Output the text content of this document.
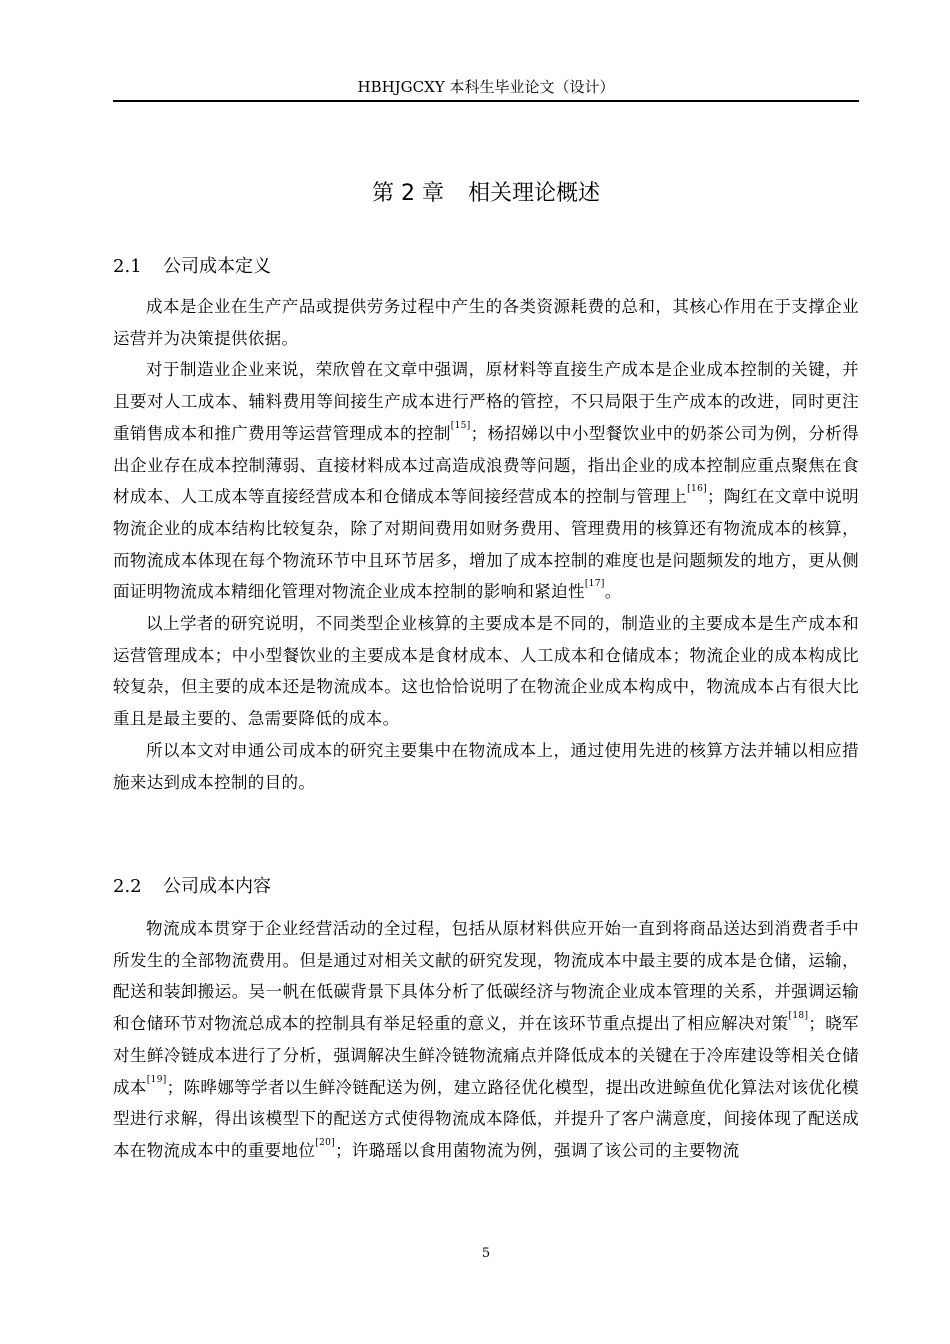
HBHJGCXY 本科生毕业论文（设计）
第 2 章 相关理论概述
2.1 公司成本定义

成本是企业在生产产品或提供劳务过程中产生的各类资源耗费的总和，其核心作用在于支撑企业运营并为决策提供依据。

对于制造业企业来说，荣欣曾在文章中强调，原材料等直接生产成本是企业成本控制的关键，并且要对人工成本、辅料费用等间接生产成本进行严格的管控，不只局限于生产成本的改进，同时更注重销售成本和推广费用等运营管理成本的控制[15]；杨招娣以中小型餐饮业中的奶茶公司为例，分析得出企业存在成本控制薄弱、直接材料成本过高造成浪费等问题，指出企业的成本控制应重点聚焦在食材成本、人工成本等直接经营成本和仓储成本等间接经营成本的控制与管理上[16]；陶红在文章中说明物流企业的成本结构比较复杂，除了对期间费用如财务费用、管理费用的核算还有物流成本的核算，而物流成本体现在每个物流环节中且环节居多，增加了成本控制的难度也是问题频发的地方，更从侧面证明物流成本精细化管理对物流企业成本控制的影响和紧迫性[17]。

以上学者的研究说明，不同类型企业核算的主要成本是不同的，制造业的主要成本是生产成本和运营管理成本；中小型餐饮业的主要成本是食材成本、人工成本和仓储成本；物流企业的成本构成比较复杂，但主要的成本还是物流成本。这也恰恰说明了在物流企业成本构成中，物流成本占有很大比重且是最主要的、急需要降低的成本。

所以本文对申通公司成本的研究主要集中在物流成本上，通过使用先进的核算方法并辅以相应措施来达到成本控制的目的。

2.2 公司成本内容

物流成本贯穿于企业经营活动的全过程，包括从原材料供应开始一直到将商品送达到消费者手中所发生的全部物流费用。但是通过对相关文献的研究发现，物流成本中最主要的成本是仓储，运输，配送和装卸搬运。吴一帆在低碳背景下具体分析了低碳经济与物流企业成本管理的关系，并强调运输和仓储环节对物流总成本的控制具有举足轻重的意义，并在该环节重点提出了相应解决对策[18]；晓军对生鲜冷链成本进行了分析，强调解决生鲜冷链物流痛点并降低成本的关键在于冷库建设等相关仓储成本[19]；陈晔娜等学者以生鲜冷链配送为例，建立路径优化模型，提出改进鲸鱼优化算法对该优化模型进行求解，得出该模型下的配送方式使得物流成本降低，并提升了客户满意度，间接体现了配送成本在物流成本中的重要地位[20]；许璐瑶以食用菌物流为例，强调了该公司的主要物流

5
